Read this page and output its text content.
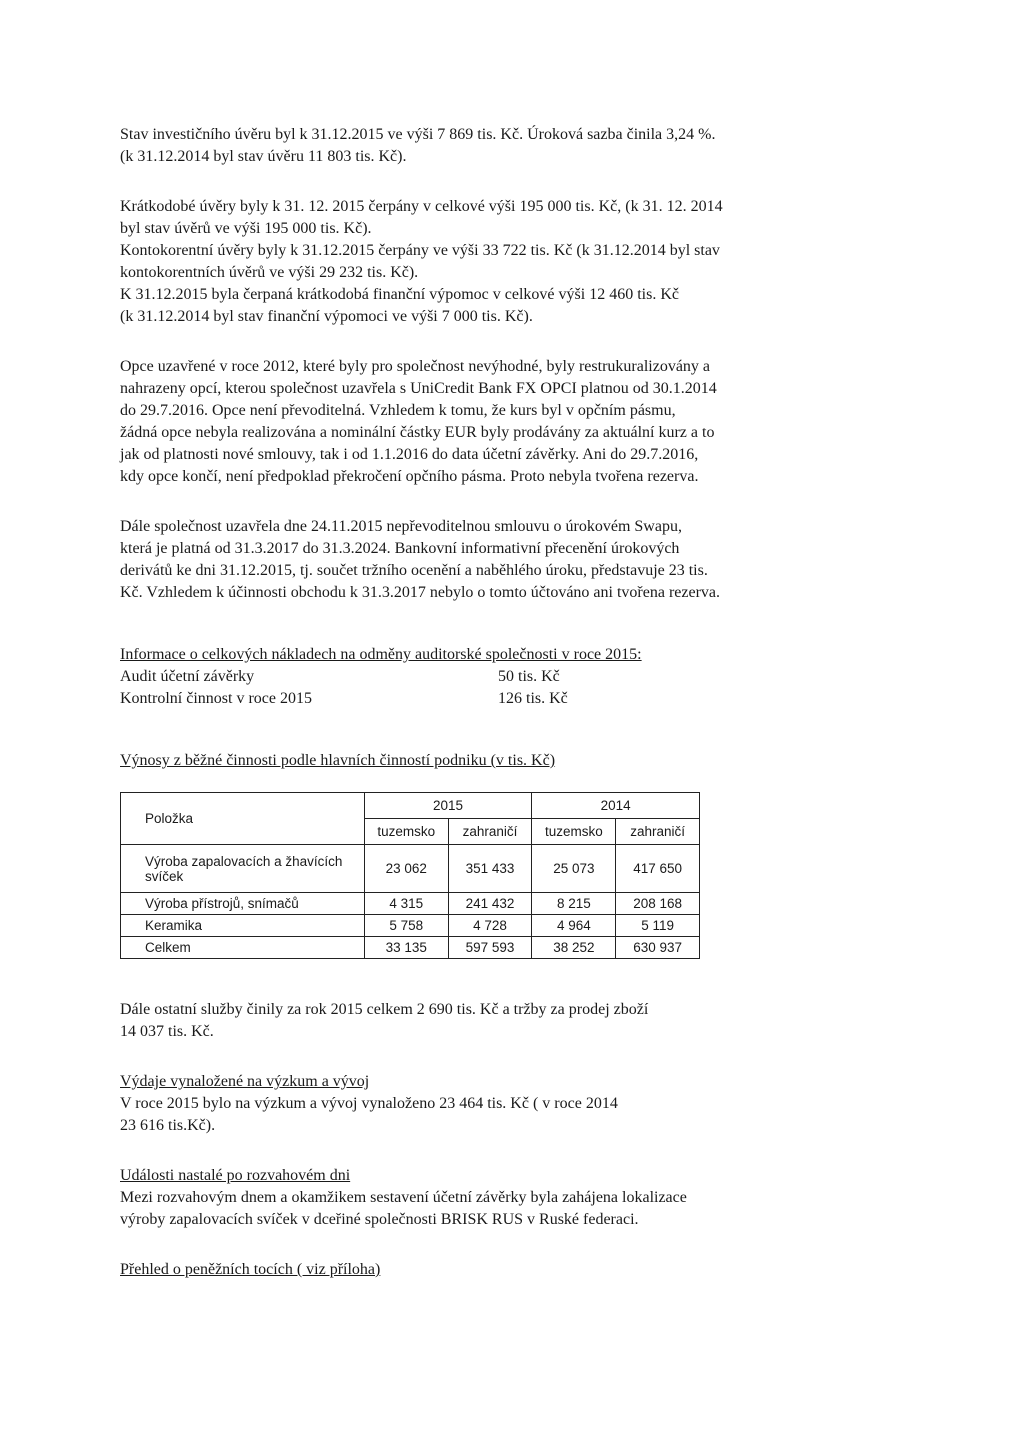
Stav investičního úvěru byl k 31.12.2015 ve výši 7 869 tis. Kč. Úroková sazba činila 3,24 %.

(k 31.12.2014 byl stav úvěru 11 803 tis. Kč).

Krátkodobé úvěry byly k 31. 12. 2015 čerpány v celkové výši 195 000 tis. Kč, (k 31. 12. 2014

byl stav úvěrů ve výši 195 000 tis. Kč).

Kontokorentní úvěry byly k 31.12.2015 čerpány ve výši 33 722 tis. Kč (k 31.12.2014 byl stav

kontokorentních úvěrů ve výši 29 232 tis. Kč).

K 31.12.2015 byla čerpaná krátkodobá finanční výpomoc v celkové výši 12 460 tis. Kč

(k 31.12.2014 byl stav finanční výpomoci ve výši 7 000 tis. Kč).

Opce uzavřené v roce 2012, které byly pro společnost nevýhodné, byly restrukuralizovány a

nahrazeny opcí, kterou společnost uzavřela s UniCredit Bank FX OPCI platnou od 30.1.2014

do 29.7.2016. Opce není převoditelná. Vzhledem k tomu, že kurs byl v opčním pásmu,

žádná opce nebyla realizována a nominální částky EUR byly prodávány za aktuální kurz a to

jak od platnosti nové smlouvy, tak i od 1.1.2016 do data účetní závěrky. Ani do 29.7.2016,

kdy opce končí, není předpoklad překročení opčního pásma. Proto nebyla tvořena rezerva.

Dále společnost uzavřela dne 24.11.2015 nepřevoditelnou smlouvu o úrokovém Swapu,

která je platná od 31.3.2017 do 31.3.2024. Bankovní informativní přecenění úrokových

derivátů ke dni 31.12.2015, tj. součet tržního ocenění a naběhlého úroku, představuje 23 tis.

Kč. Vzhledem k účinnosti obchodu k 31.3.2017 nebylo o tomto účtováno ani tvořena rezerva.

Informace o celkových nákladech na odměny auditorské společnosti v roce 2015:

Audit účetní závěrky	50 tis. Kč
Kontrolní činnost v roce 2015	126 tis. Kč

Výnosy z běžné činnosti podle hlavních činností podniku (v tis. Kč)

Položka	2015		2014	
	tuzemsko	zahraničí	tuzemsko	zahraničí
Výroba zapalovacích a žhavících svíček	23 062	351 433	25 073	417 650
Výroba přístrojů, snímačů	4 315	241 432	8 215	208 168
Keramika	5 758	4 728	4 964	5 119
Celkem	33 135	597 593	38 252	630 937

Dále ostatní služby činily za rok 2015 celkem 2 690 tis. Kč a tržby za prodej zboží

14 037 tis. Kč.

Výdaje vynaložené na výzkum a vývoj

V roce 2015 bylo na výzkum a vývoj vynaloženo 23 464 tis. Kč ( v roce 2014

23 616 tis.Kč).

Události nastalé po rozvahovém dni

Mezi rozvahovým dnem a okamžikem sestavení účetní závěrky byla zahájena lokalizace

výroby zapalovacích svíček v dceřiné společnosti BRISK RUS v Ruské federaci.

Přehled o peněžních tocích ( viz příloha)
